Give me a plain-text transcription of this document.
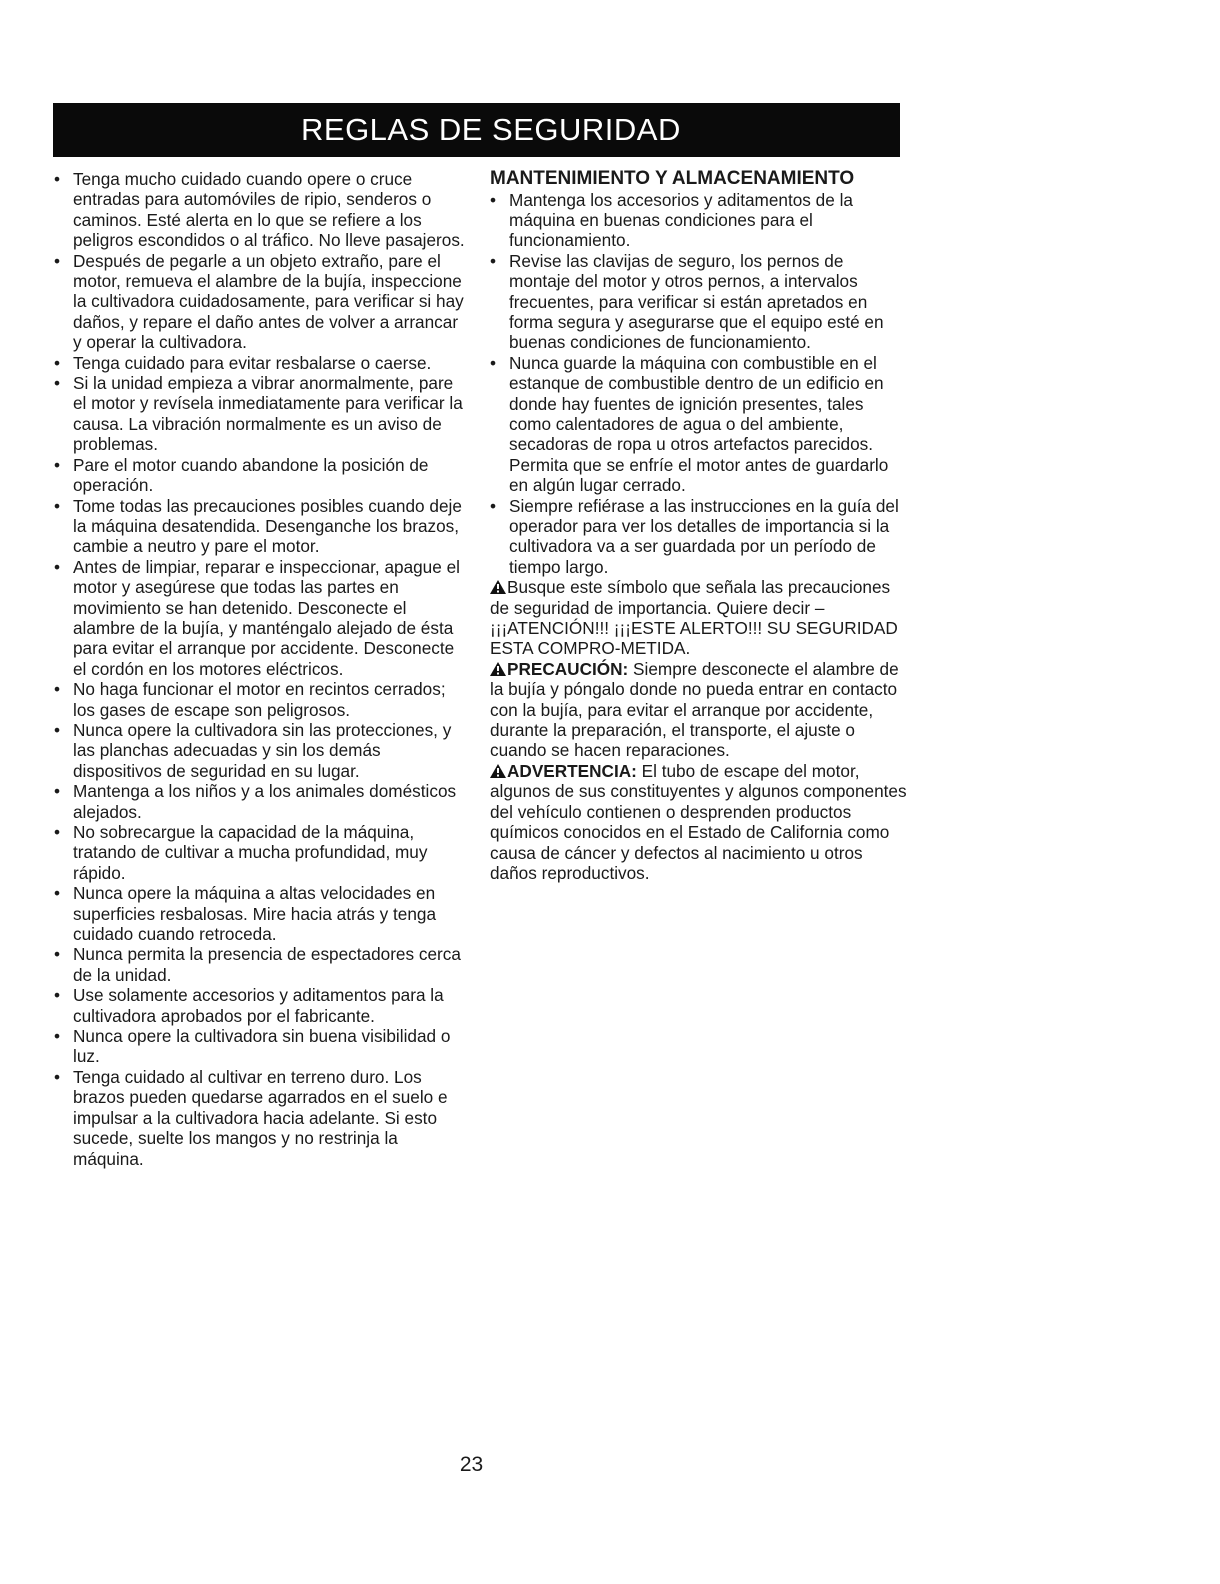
REGLAS DE SEGURIDAD
• Tenga mucho cuidado cuando opere o cruce entradas para automóviles de ripio, senderos o caminos. Esté alerta en lo que se refiere a los peligros escondidos o al tráfico. No lleve pasajeros.
• Después de pegarle a un objeto extraño, pare el motor, remueva el alambre de la bujía, inspeccione la cultivadora cuidadosamente, para verificar si hay daños, y repare el daño antes de volver a arrancar y operar la cultivadora.
• Tenga cuidado para evitar resbalarse o caerse.
• Si la unidad empieza a vibrar anormalmente, pare el motor y revísela inmediatamente para verificar la causa. La vibración normalmente es un aviso de problemas.
• Pare el motor cuando abandone la posición de operación.
• Tome todas las precauciones posibles cuando deje la máquina desatendida. Desenganche los brazos, cambie a neutro y pare el motor.
• Antes de limpiar, reparar e inspeccionar, apague el motor y asegúrese que todas las partes en movimiento se han detenido. Desconecte el alambre de la bujía, y manténgalo alejado de ésta para evitar el arranque por accidente. Desconecte el cordón en los motores eléctricos.
• No haga funcionar el motor en recintos cerrados; los gases de escape son peligrosos.
• Nunca opere la cultivadora sin las protecciones, y las planchas adecuadas y sin los demás dispositivos de seguridad en su lugar.
• Mantenga a los niños y a los animales domésticos alejados.
• No sobrecargue la capacidad de la máquina, tratando de cultivar a mucha profundidad, muy rápido.
• Nunca opere la máquina a altas velocidades en superficies resbalosas. Mire hacia atrás y tenga cuidado cuando retroceda.
• Nunca permita la presencia de espectadores cerca de la unidad.
• Use solamente accesorios y aditamentos para la cultivadora aprobados por el fabricante.
• Nunca opere la cultivadora sin buena visibilidad o luz.
• Tenga cuidado al cultivar en terreno duro. Los brazos pueden quedarse agarrados en el suelo e impulsar a la cultivadora hacia adelante. Si esto sucede, suelte los mangos y no restrinja la máquina.
MANTENIMIENTO Y ALMACENAMIENTO
• Mantenga los accesorios y aditamentos de la máquina en buenas condiciones para el funcionamiento.
• Revise las clavijas de seguro, los pernos de montaje del motor y otros pernos, a intervalos frecuentes, para verificar si están apretados en forma segura y asegurarse que el equipo esté en buenas condiciones de funcionamiento.
• Nunca guarde la máquina con combustible en el estanque de combustible dentro de un edificio en donde hay fuentes de ignición presentes, tales como calentadores de agua o del ambiente, secadoras de ropa u otros artefactos parecidos. Permita que se enfríe el motor antes de guardarlo en algún lugar cerrado.
• Siempre refiérase a las instrucciones en la guía del operador para ver los detalles de importancia si la cultivadora va a ser guardada por un período de tiempo largo.
Busque este símbolo que señala las precauciones de seguridad de importancia. Quiere decir – ¡¡¡ATENCIÓN!!! ¡¡¡ESTE ALERTO!!! SU SEGURIDAD ESTA COMPRO-METIDA.
PRECAUCIÓN: Siempre desconecte el alambre de la bujía y póngalo donde no pueda entrar en contacto con la bujía, para evitar el arranque por accidente, durante la preparación, el transporte, el ajuste o cuando se hacen reparaciones.
ADVERTENCIA: El tubo de escape del motor, algunos de sus constituyentes y algunos componentes del vehículo contienen o desprenden productos químicos conocidos en el Estado de California como causa de cáncer y defectos al nacimiento u otros daños reproductivos.
23
